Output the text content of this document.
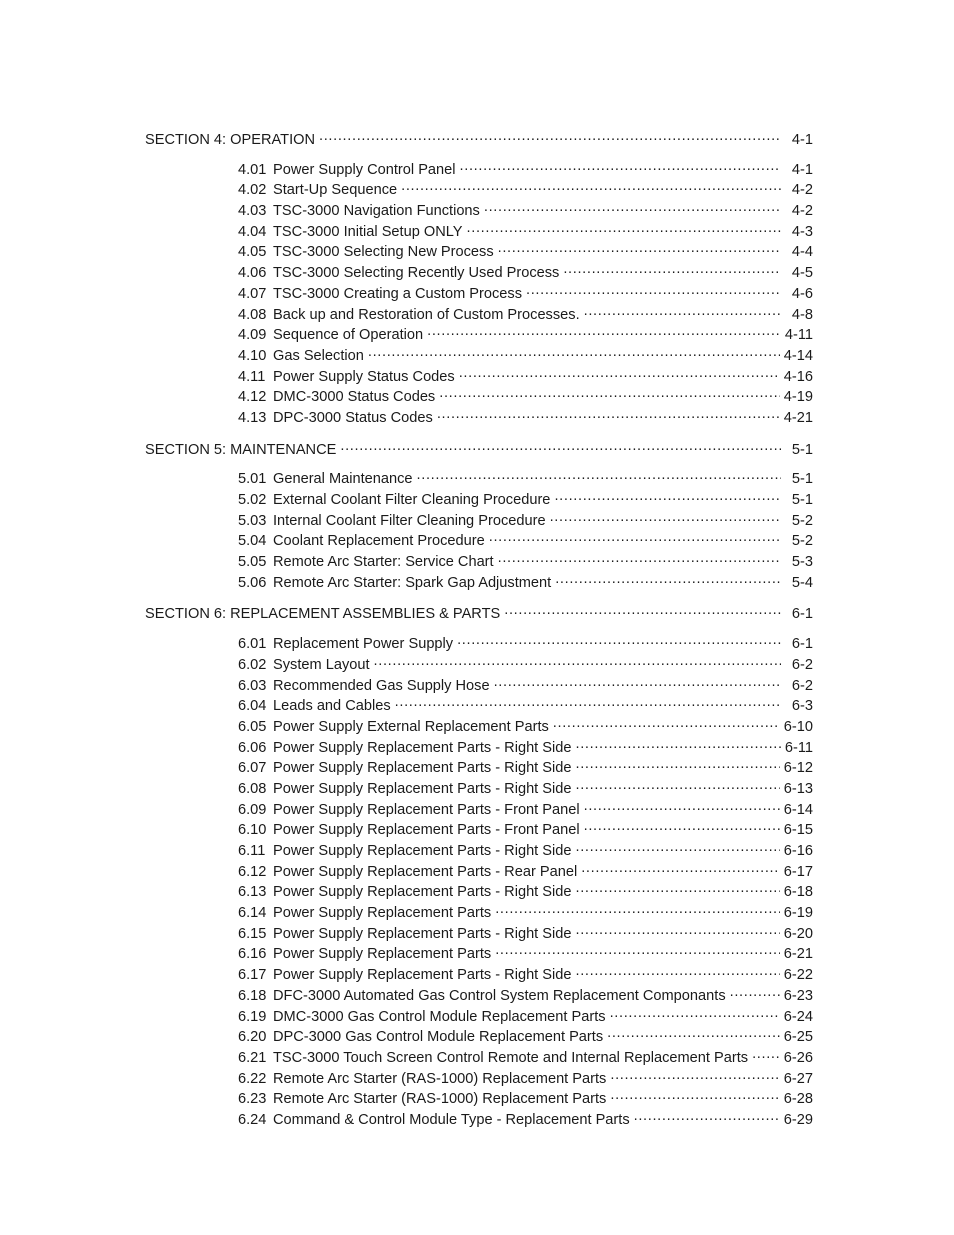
SECTION 4: OPERATION . . .	4-1
4.01 Power Supply Control Panel . . .	4-1
4.02 Start-Up Sequence . . .	4-2
4.03 TSC-3000 Navigation Functions . . .	4-2
4.04 TSC-3000 Initial Setup ONLY . . .	4-3
4.05 TSC-3000 Selecting New Process . . .	4-4
4.06 TSC-3000 Selecting Recently Used Process . . .	4-5
4.07 TSC-3000 Creating a Custom Process . . .	4-6
4.08 Back up and Restoration of Custom Processes. . . .	4-8
4.09 Sequence of Operation . . .	4-11
4.10 Gas Selection . . .	4-14
4.11 Power Supply Status Codes . . .	4-16
4.12 DMC-3000 Status Codes . . .	4-19
4.13 DPC-3000 Status Codes . . .	4-21
SECTION 5: MAINTENANCE . . .	5-1
5.01 General Maintenance . . .	5-1
5.02 External Coolant Filter Cleaning Procedure . . .	5-1
5.03 Internal Coolant Filter Cleaning Procedure . . .	5-2
5.04 Coolant Replacement Procedure . . .	5-2
5.05 Remote Arc Starter: Service Chart . . .	5-3
5.06 Remote Arc Starter: Spark Gap Adjustment . . .	5-4
SECTION 6: REPLACEMENT ASSEMBLIES & PARTS . . .	6-1
6.01 Replacement Power Supply . . .	6-1
6.02 System Layout . . .	6-2
6.03 Recommended Gas Supply Hose . . .	6-2
6.04 Leads and Cables . . .	6-3
6.05 Power Supply External Replacement Parts . . .	6-10
6.06 Power Supply Replacement Parts - Right Side . . .	6-11
6.07 Power Supply Replacement Parts - Right Side . . .	6-12
6.08 Power Supply Replacement Parts - Right Side . . .	6-13
6.09 Power Supply Replacement Parts - Front Panel . . .	6-14
6.10 Power Supply Replacement Parts - Front Panel . . .	6-15
6.11 Power Supply Replacement Parts - Right Side . . .	6-16
6.12 Power Supply Replacement Parts - Rear Panel . . .	6-17
6.13 Power Supply Replacement Parts - Right Side . . .	6-18
6.14 Power Supply Replacement Parts . . .	6-19
6.15 Power Supply Replacement Parts - Right Side . . .	6-20
6.16 Power Supply Replacement Parts . . .	6-21
6.17 Power Supply Replacement Parts - Right Side . . .	6-22
6.18 DFC-3000 Automated Gas Control System Replacement Componants . . .	6-23
6.19 DMC-3000 Gas Control Module Replacement Parts . . .	6-24
6.20 DPC-3000 Gas Control Module Replacement Parts . . .	6-25
6.21 TSC-3000 Touch Screen Control Remote and Internal Replacement Parts . . . 6-26
6.22 Remote Arc Starter (RAS-1000) Replacement Parts . . .	6-27
6.23 Remote Arc Starter (RAS-1000) Replacement Parts . . .	6-28
6.24 Command & Control Module Type - Replacement Parts . . .	6-29
